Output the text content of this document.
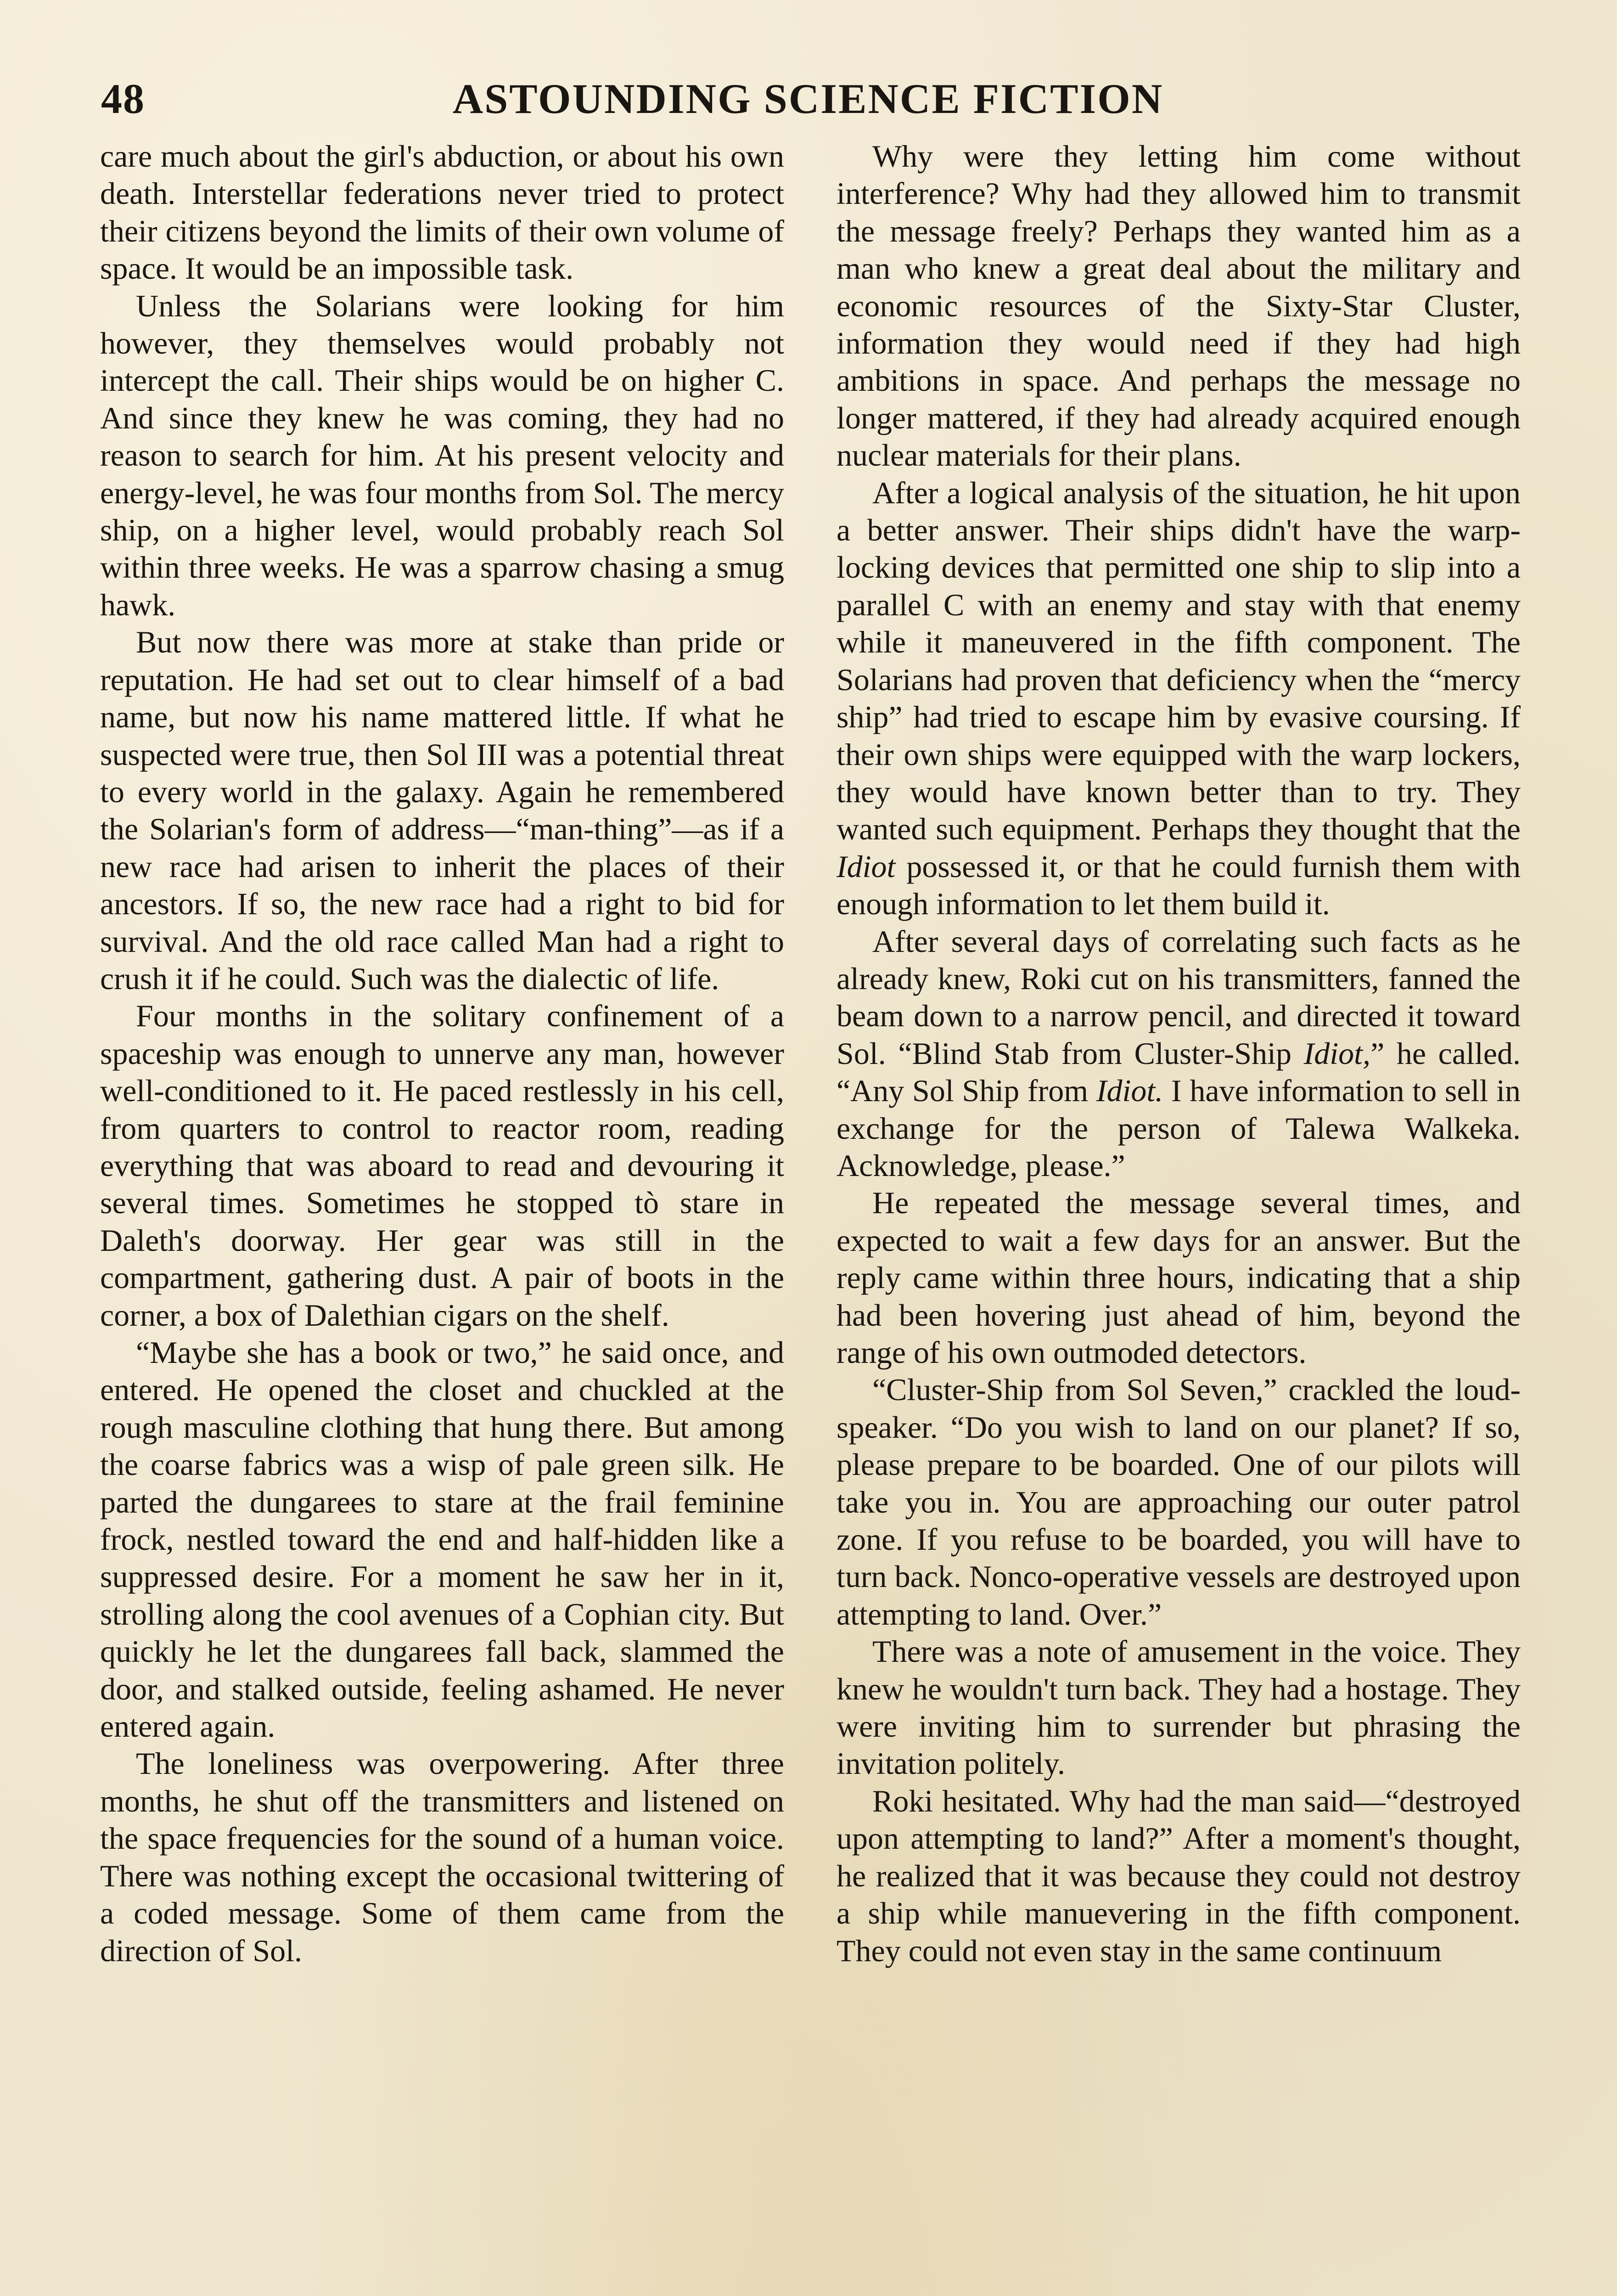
48	ASTOUNDING SCIENCE FICTION

care much about the girl's abduction, or about his own death. Interstellar federations never tried to protect their citizens beyond the limits of their own volume of space. It would be an impossible task.

Unless the Solarians were looking for him however, they themselves would probably not intercept the call. Their ships would be on higher C. And since they knew he was coming, they had no reason to search for him. At his present velocity and energy-level, he was four months from Sol. The mercy ship, on a higher level, would probably reach Sol within three weeks. He was a sparrow chasing a smug hawk.

But now there was more at stake than pride or reputation. He had set out to clear himself of a bad name, but now his name mattered little. If what he suspected were true, then Sol III was a potential threat to every world in the galaxy. Again he remembered the Solarian's form of address—“man-thing”—as if a new race had arisen to inherit the places of their ancestors. If so, the new race had a right to bid for survival. And the old race called Man had a right to crush it if he could. Such was the dialectic of life.

Four months in the solitary confinement of a spaceship was enough to unnerve any man, however well-conditioned to it. He paced restlessly in his cell, from quarters to control to reactor room, reading everything that was aboard to read and devouring it several times. Sometimes he stopped tò stare in Daleth's doorway. Her gear was still in the compartment, gathering dust. A pair of boots in the corner, a box of Dalethian cigars on the shelf.

“Maybe she has a book or two,” he said once, and entered. He opened the closet and chuckled at the rough masculine clothing that hung there. But among the coarse fabrics was a wisp of pale green silk. He parted the dungarees to stare at the frail feminine frock, nestled toward the end and half-hidden like a suppressed desire. For a moment he saw her in it, strolling along the cool avenues of a Cophian city. But quickly he let the dungarees fall back, slammed the door, and stalked outside, feeling ashamed. He never entered again.

The loneliness was overpowering. After three months, he shut off the transmitters and listened on the space frequencies for the sound of a human voice. There was nothing except the occasional twittering of a coded message. Some of them came from the direction of Sol.

Why were they letting him come without interference? Why had they allowed him to transmit the message freely? Perhaps they wanted him as a man who knew a great deal about the military and economic resources of the Sixty-Star Cluster, information they would need if they had high ambitions in space. And perhaps the message no longer mattered, if they had already acquired enough nuclear materials for their plans.

After a logical analysis of the situation, he hit upon a better answer. Their ships didn't have the warp-locking devices that permitted one ship to slip into a parallel C with an enemy and stay with that enemy while it maneuvered in the fifth component. The Solarians had proven that deficiency when the “mercy ship” had tried to escape him by evasive coursing. If their own ships were equipped with the warp lockers, they would have known better than to try. They wanted such equipment. Perhaps they thought that the Idiot possessed it, or that he could furnish them with enough information to let them build it.

After several days of correlating such facts as he already knew, Roki cut on his transmitters, fanned the beam down to a narrow pencil, and directed it toward Sol. “Blind Stab from Cluster-Ship Idiot,” he called. “Any Sol Ship from Idiot. I have information to sell in exchange for the person of Talewa Walkeka. Acknowledge, please.”

He repeated the message several times, and expected to wait a few days for an answer. But the reply came within three hours, indicating that a ship had been hovering just ahead of him, beyond the range of his own outmoded detectors.

“Cluster-Ship from Sol Seven,” crackled the loud-speaker. “Do you wish to land on our planet? If so, please prepare to be boarded. One of our pilots will take you in. You are approaching our outer patrol zone. If you refuse to be boarded, you will have to turn back. Nonco-operative vessels are destroyed upon attempting to land. Over.”

There was a note of amusement in the voice. They knew he wouldn't turn back. They had a hostage. They were inviting him to surrender but phrasing the invitation politely.

Roki hesitated. Why had the man said—“destroyed upon attempting to land?” After a moment's thought, he realized that it was because they could not destroy a ship while manuevering in the fifth component. They could not even stay in the same continuum
